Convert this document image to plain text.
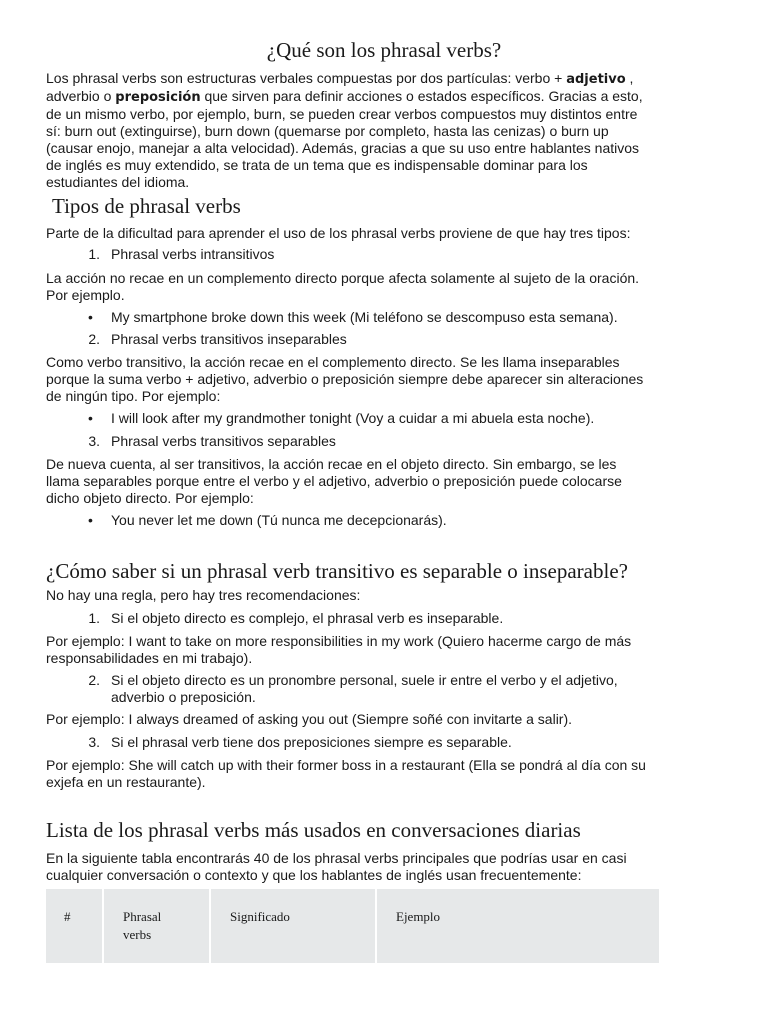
¿Qué son los phrasal verbs?
Los phrasal verbs son estructuras verbales compuestas por dos partículas: verbo + adjetivo ,
adverbio o preposición que sirven para definir acciones o estados específicos. Gracias a esto,
de un mismo verbo, por ejemplo, burn, se pueden crear verbos compuestos muy distintos entre
sí: burn out (extinguirse), burn down (quemarse por completo, hasta las cenizas) o burn up
(causar enojo, manejar a alta velocidad). Además, gracias a que su uso entre hablantes nativos
de inglés es muy extendido, se trata de un tema que es indispensable dominar para los
estudiantes del idioma.
Tipos de phrasal verbs
Parte de la dificultad para aprender el uso de los phrasal verbs proviene de que hay tres tipos:
1. Phrasal verbs intransitivos
La acción no recae en un complemento directo porque afecta solamente al sujeto de la oración.
Por ejemplo.
• My smartphone broke down this week (Mi teléfono se descompuso esta semana).
2. Phrasal verbs transitivos inseparables
Como verbo transitivo, la acción recae en el complemento directo. Se les llama inseparables
porque la suma verbo + adjetivo, adverbio o preposición siempre debe aparecer sin alteraciones
de ningún tipo. Por ejemplo:
• I will look after my grandmother tonight (Voy a cuidar a mi abuela esta noche).
3. Phrasal verbs transitivos separables
De nueva cuenta, al ser transitivos, la acción recae en el objeto directo. Sin embargo, se les
llama separables porque entre el verbo y el adjetivo, adverbio o preposición puede colocarse
dicho objeto directo. Por ejemplo:
• You never let me down (Tú nunca me decepcionarás).
¿Cómo saber si un phrasal verb transitivo es separable o inseparable?
No hay una regla, pero hay tres recomendaciones:
1. Si el objeto directo es complejo, el phrasal verb es inseparable.
Por ejemplo: I want to take on more responsibilities in my work (Quiero hacerme cargo de más
responsabilidades en mi trabajo).
2. Si el objeto directo es un pronombre personal, suele ir entre el verbo y el adjetivo,
adverbio o preposición.
Por ejemplo: I always dreamed of asking you out (Siempre soñé con invitarte a salir).
3. Si el phrasal verb tiene dos preposiciones siempre es separable.
Por ejemplo: She will catch up with their former boss in a restaurant (Ella se pondrá al día con su
exjefa en un restaurante).
Lista de los phrasal verbs más usados en conversaciones diarias
En la siguiente tabla encontrarás 40 de los phrasal verbs principales que podrías usar en casi
cualquier conversación o contexto y que los hablantes de inglés usan frecuentemente:
#	Phrasal
verbs
Significado	Ejemplo
